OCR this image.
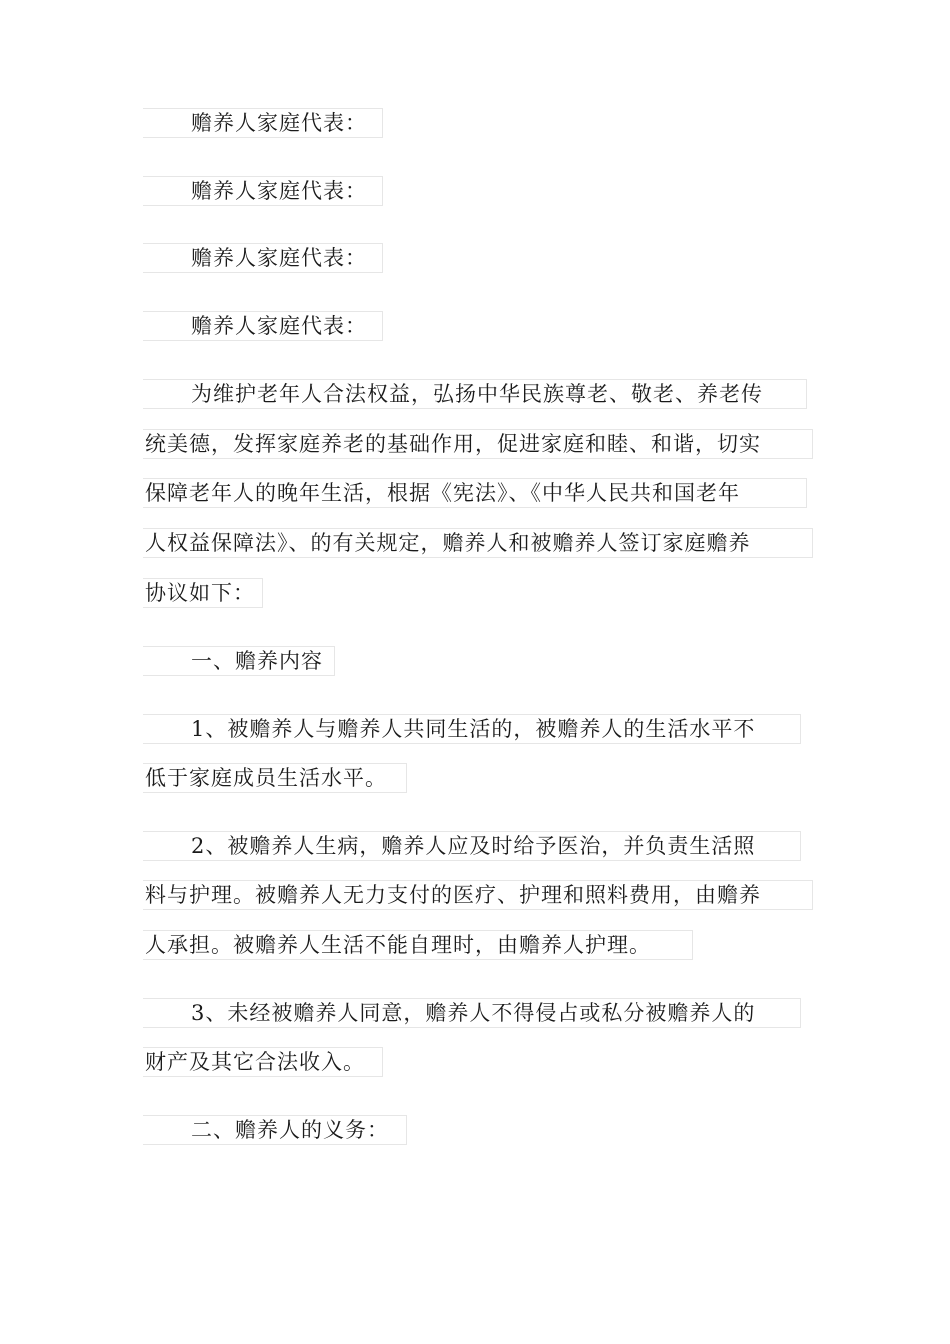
赡养人家庭代表：
赡养人家庭代表：
赡养人家庭代表：
赡养人家庭代表：
为维护老年人合法权益，弘扬中华民族尊老、敬老、养老传
统美德，发挥家庭养老的基础作用，促进家庭和睦、和谐，切实
保障老年人的晚年生活，根据《宪法》、《中华人民共和国老年
人权益保障法》、的有关规定，赡养人和被赡养人签订家庭赡养
协议如下：
一、赡养内容
1、被赡养人与赡养人共同生活的，被赡养人的生活水平不
低于家庭成员生活水平。
2、被赡养人生病，赡养人应及时给予医治，并负责生活照
料与护理。被赡养人无力支付的医疗、护理和照料费用，由赡养
人承担。被赡养人生活不能自理时，由赡养人护理。
3、未经被赡养人同意，赡养人不得侵占或私分被赡养人的
财产及其它合法收入。
二、赡养人的义务：
